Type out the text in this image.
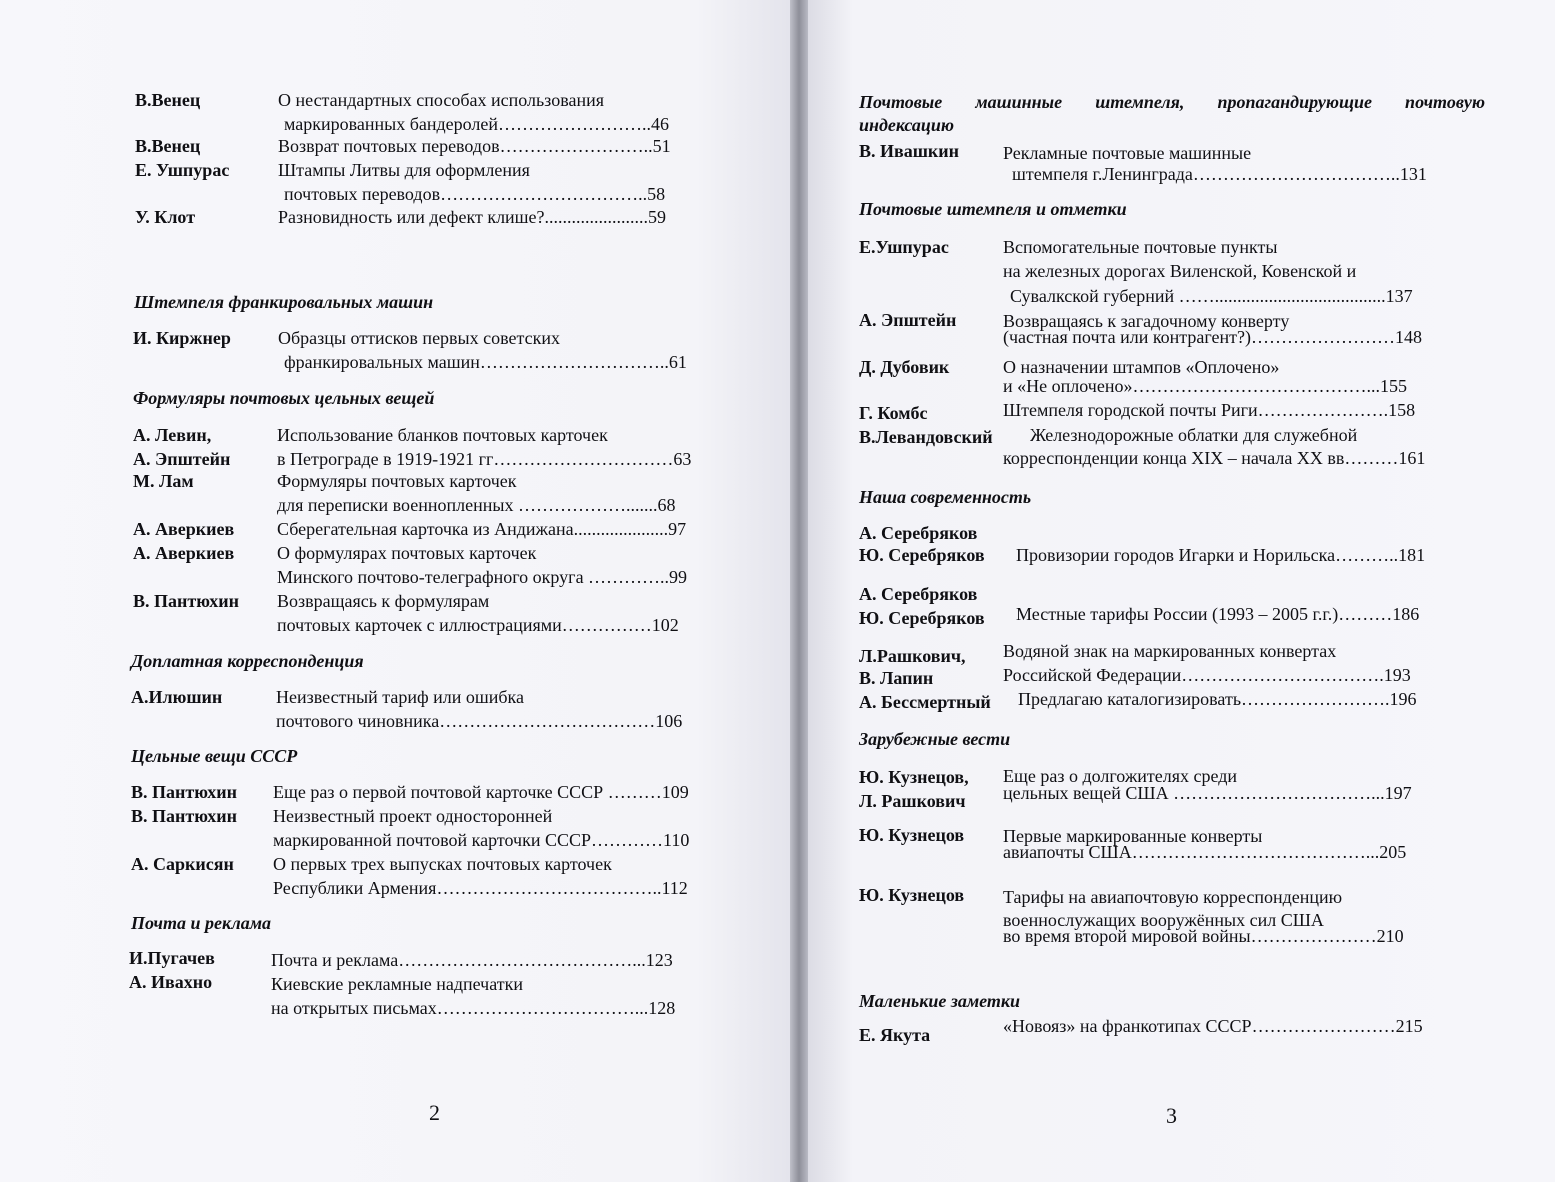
В.Венец	О нестандартных способах использования
маркированных бандеролей……………………..46
В.Венец	Возврат почтовых переводов……………………..51
Е. Ушпурас	Штампы Литвы для оформления
почтовых переводов……………………………..58
У. Клот	Разновидность или дефект клише?.......................59
Штемпеля франкировальных машин
И. Киржнер	Образцы оттисков первых советских
франкировальных машин…………………………..61
Формуляры почтовых цельных вещей
А. Левин,	Использование бланков почтовых карточек
А. Эпштейн	в Петрограде в 1919-1921 гг…………………………63
М. Лам	Формуляры почтовых карточек
для переписки военнопленных ……………….......68
А. Аверкиев Сберегательная карточка из Андижана.....................97
А. Аверкиев О формулярах почтовых карточек
Минского почтово-телеграфного округа …………..99
В. Пантюхин Возвращаясь к формулярам
почтовых карточек с иллюстрациями……………102
Доплатная корреспонденция
А.Илюшин	Неизвестный тариф или ошибка
почтового чиновника………………………………106
Цельные вещи СССР
В. Пантюхин Еще раз о первой почтовой карточке СССР ………109
В. Пантюхин Неизвестный проект односторонней
маркированной почтовой карточки СССР…………110
А. Саркисян О первых трех выпусках почтовых карточек
Республики Армения………………………………..112
Почта и реклама
И.Пугачев	Почта и реклама…………………………………...123
А. Ивахно	Киевские рекламные надпечатки
на открытых письмах……………………………...128
Почтовые машинные штемпеля, пропагандирующие почтовую
индексацию
В. Ивашкин Рекламные почтовые машинные
штемпеля г.Ленинграда……………………………..131
Почтовые штемпеля и отметки
Е.Ушпурас	Вспомогательные почтовые пункты
на железных дорогах Виленской, Ковенской и
Сувалкской губерний ……......................................137
А. Эпштейн	Возвращаясь к загадочному конверту
(частная почта или контрагент?)……………………148
Д. Дубовик	О назначении штампов «Оплочено»
и «Не оплочено»…………………………………...155
Г. Комбс	Штемпеля городской почты Риги………………….158
В.Левандовский Железнодорожные облатки для служебной
корреспонденции конца XIX – начала XX вв………161
Наша современность
А. Серебряков
Ю. Серебряков Провизории городов Игарки и Норильска………..181
А. Серебряков
Ю. Серебряков Местные тарифы России (1993 – 2005 г.г.)………186
Л.Рашкович, Водяной знак на маркированных конвертах
В. Лапин	Российской Федерации…………………………….193
А. Бессмертный Предлагаю каталогизировать…………………….196
Зарубежные вести
Ю. Кузнецов, Еще раз о долгожителях среди
Л. Рашкович цельных вещей США ……………………………...197
Ю. Кузнецов Первые маркированные конверты
авиапочты США…………………………………...205
Ю. Кузнецов Тарифы на авиапочтовую корреспонденцию
военнослужащих вооружённых сил США
во время второй мировой войны…………………210
Маленькие заметки
Е. Якута	«Новояз» на франкотипах СССР……………………215
2	3
